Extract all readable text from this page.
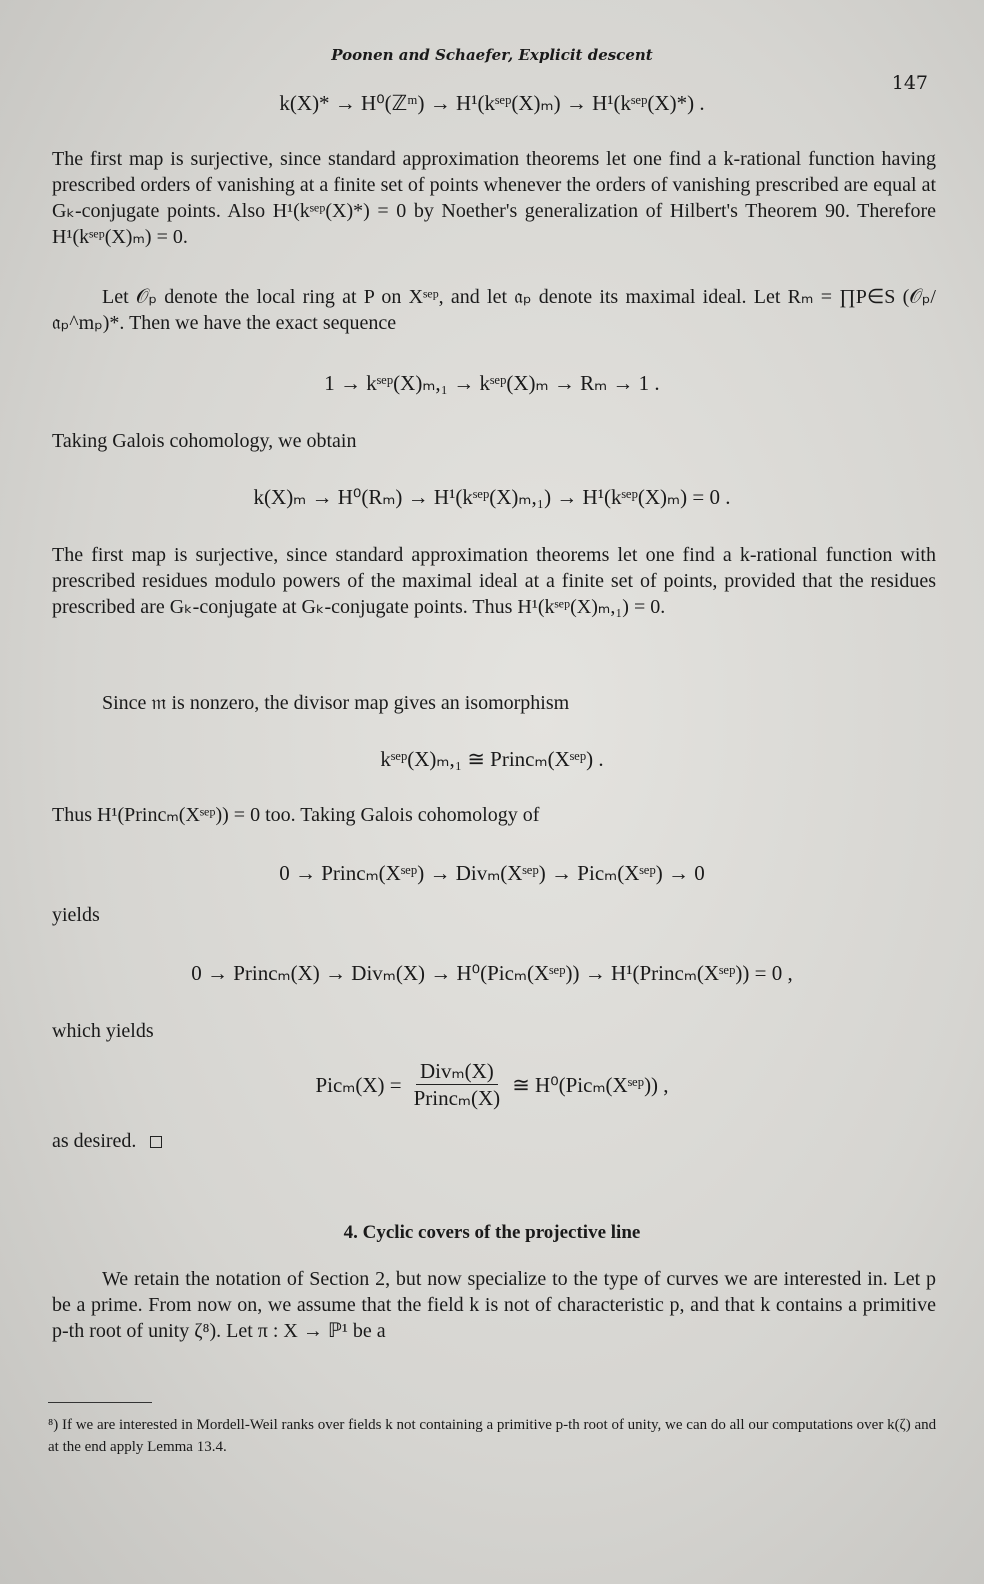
Poonen and Schaefer, Explicit descent
147
k(X)* → H⁰(ℤᵐ) → H¹(kˢᵉᵖ(X)ₘ) → H¹(kˢᵉᵖ(X)*) .
The first map is surjective, since standard approximation theorems let one find a k-rational function having prescribed orders of vanishing at a finite set of points whenever the orders of vanishing prescribed are equal at Gₖ-conjugate points. Also H¹(kˢᵉᵖ(X)*) = 0 by Noether's generalization of Hilbert's Theorem 90. Therefore H¹(kˢᵉᵖ(X)ₘ) = 0.
Let 𝒪ₚ denote the local ring at P on Xˢᵉᵖ, and let 𝔞ₚ denote its maximal ideal. Let Rₘ = ∏P∈S (𝒪ₚ/𝔞ₚ^mₚ)*. Then we have the exact sequence
1 → kˢᵉᵖ(X)ₘ,₁ → kˢᵉᵖ(X)ₘ → Rₘ → 1 .
Taking Galois cohomology, we obtain
k(X)ₘ → H⁰(Rₘ) → H¹(kˢᵉᵖ(X)ₘ,₁) → H¹(kˢᵉᵖ(X)ₘ) = 0 .
The first map is surjective, since standard approximation theorems let one find a k-rational function with prescribed residues modulo powers of the maximal ideal at a finite set of points, provided that the residues prescribed are Gₖ-conjugate at Gₖ-conjugate points. Thus H¹(kˢᵉᵖ(X)ₘ,₁) = 0.
Since 𝔪 is nonzero, the divisor map gives an isomorphism
kˢᵉᵖ(X)ₘ,₁ ≅ Princₘ(Xˢᵉᵖ) .
Thus H¹(Princₘ(Xˢᵉᵖ)) = 0 too. Taking Galois cohomology of
0 → Princₘ(Xˢᵉᵖ) → Divₘ(Xˢᵉᵖ) → Picₘ(Xˢᵉᵖ) → 0
yields
0 → Princₘ(X) → Divₘ(X) → H⁰(Picₘ(Xˢᵉᵖ)) → H¹(Princₘ(Xˢᵉᵖ)) = 0 ,
which yields
Picₘ(X) =
Divₘ(X)
Princₘ(X)
≅ H⁰(Picₘ(Xˢᵉᵖ)) ,
as desired.
4. Cyclic covers of the projective line
We retain the notation of Section 2, but now specialize to the type of curves we are interested in. Let p be a prime. From now on, we assume that the field k is not of characteristic p, and that k contains a primitive p-th root of unity ζ⁸). Let π : X → ℙ¹ be a
⁸) If we are interested in Mordell-Weil ranks over fields k not containing a primitive p-th root of unity, we can do all our computations over k(ζ) and at the end apply Lemma 13.4.
